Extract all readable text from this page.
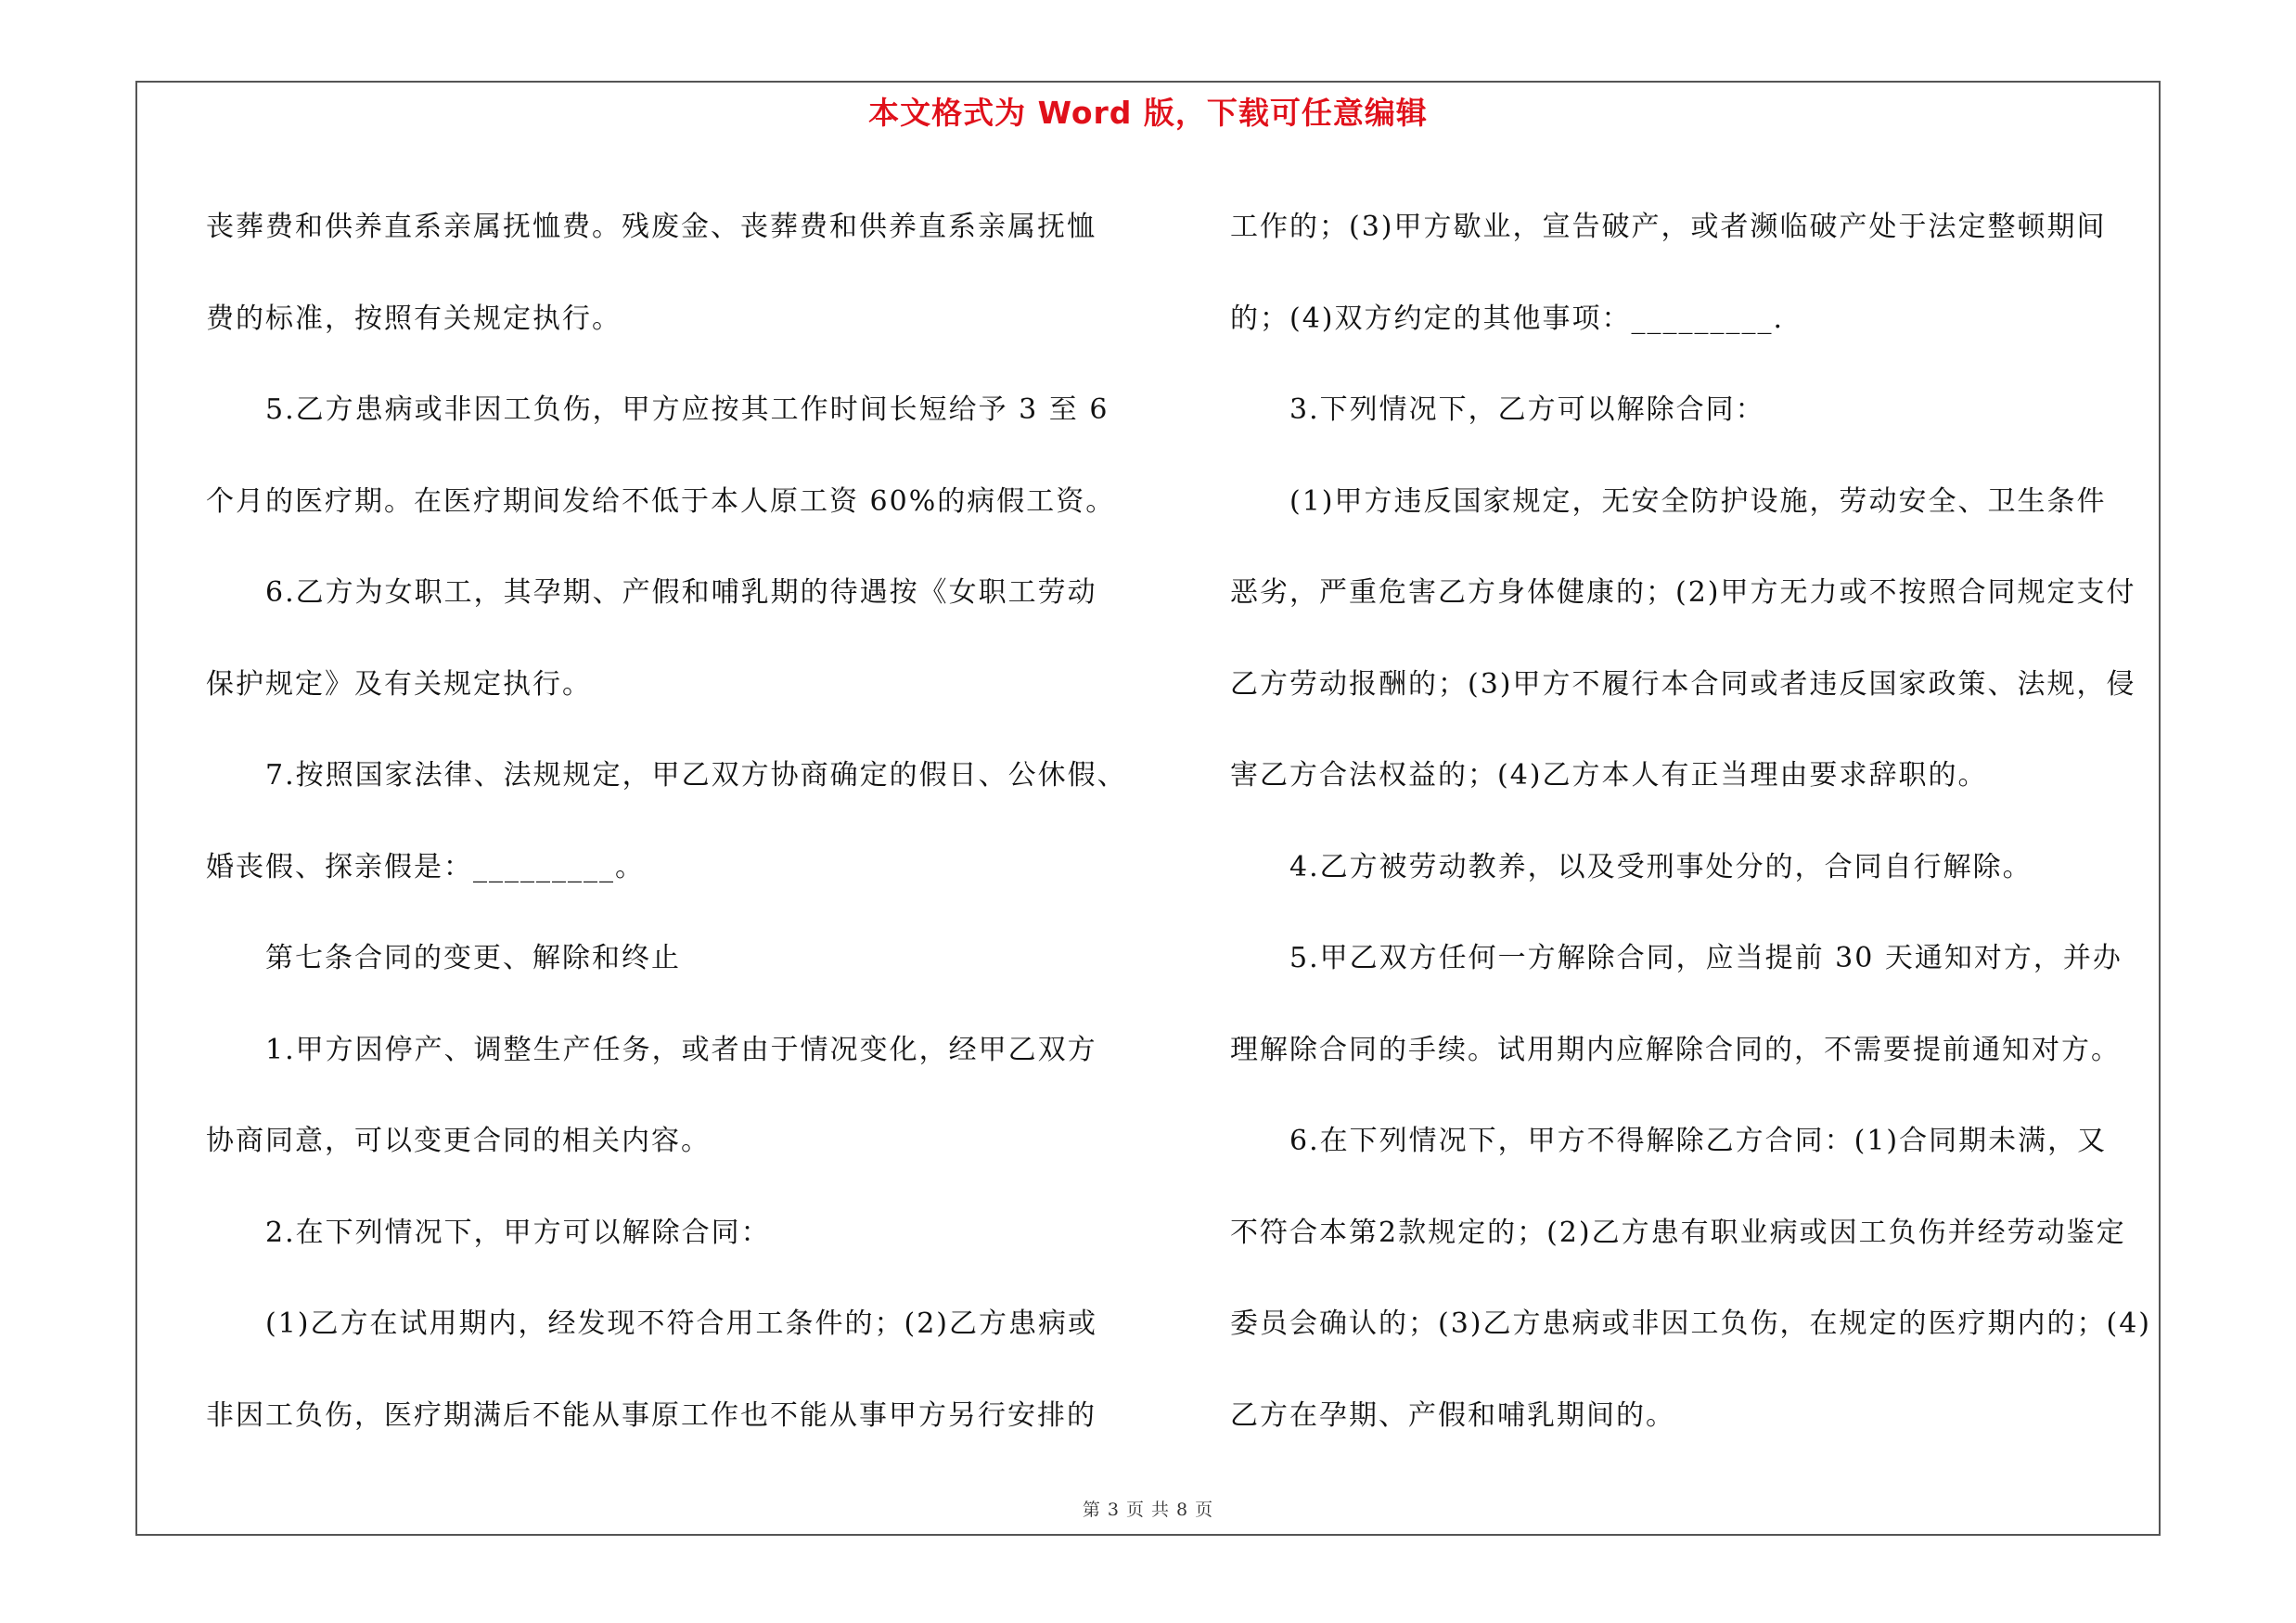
本文格式为 Word 版，下载可任意编辑
丧葬费和供养直系亲属抚恤费。残废金、丧葬费和供养直系亲属抚恤
费的标准，按照有关规定执行。
5.乙方患病或非因工负伤，甲方应按其工作时间长短给予 3 至 6
个月的医疗期。在医疗期间发给不低于本人原工资 60%的病假工资。
6.乙方为女职工，其孕期、产假和哺乳期的待遇按《女职工劳动
保护规定》及有关规定执行。
7.按照国家法律、法规规定，甲乙双方协商确定的假日、公休假、
婚丧假、探亲假是：_________。
第七条合同的变更、解除和终止
1.甲方因停产、调整生产任务，或者由于情况变化，经甲乙双方
协商同意，可以变更合同的相关内容。
2.在下列情况下，甲方可以解除合同：
(1)乙方在试用期内，经发现不符合用工条件的；(2)乙方患病或
非因工负伤，医疗期满后不能从事原工作也不能从事甲方另行安排的
工作的；(3)甲方歇业，宣告破产，或者濒临破产处于法定整顿期间
的；(4)双方约定的其他事项：_________.
3.下列情况下，乙方可以解除合同：
(1)甲方违反国家规定，无安全防护设施，劳动安全、卫生条件
恶劣，严重危害乙方身体健康的；(2)甲方无力或不按照合同规定支付
乙方劳动报酬的；(3)甲方不履行本合同或者违反国家政策、法规，侵
害乙方合法权益的；(4)乙方本人有正当理由要求辞职的。
4.乙方被劳动教养，以及受刑事处分的，合同自行解除。
5.甲乙双方任何一方解除合同，应当提前 30 天通知对方，并办
理解除合同的手续。试用期内应解除合同的，不需要提前通知对方。
6.在下列情况下，甲方不得解除乙方合同：(1)合同期未满，又
不符合本第2款规定的；(2)乙方患有职业病或因工负伤并经劳动鉴定
委员会确认的；(3)乙方患病或非因工负伤，在规定的医疗期内的；(4)
乙方在孕期、产假和哺乳期间的。
第 3 页 共 8 页
